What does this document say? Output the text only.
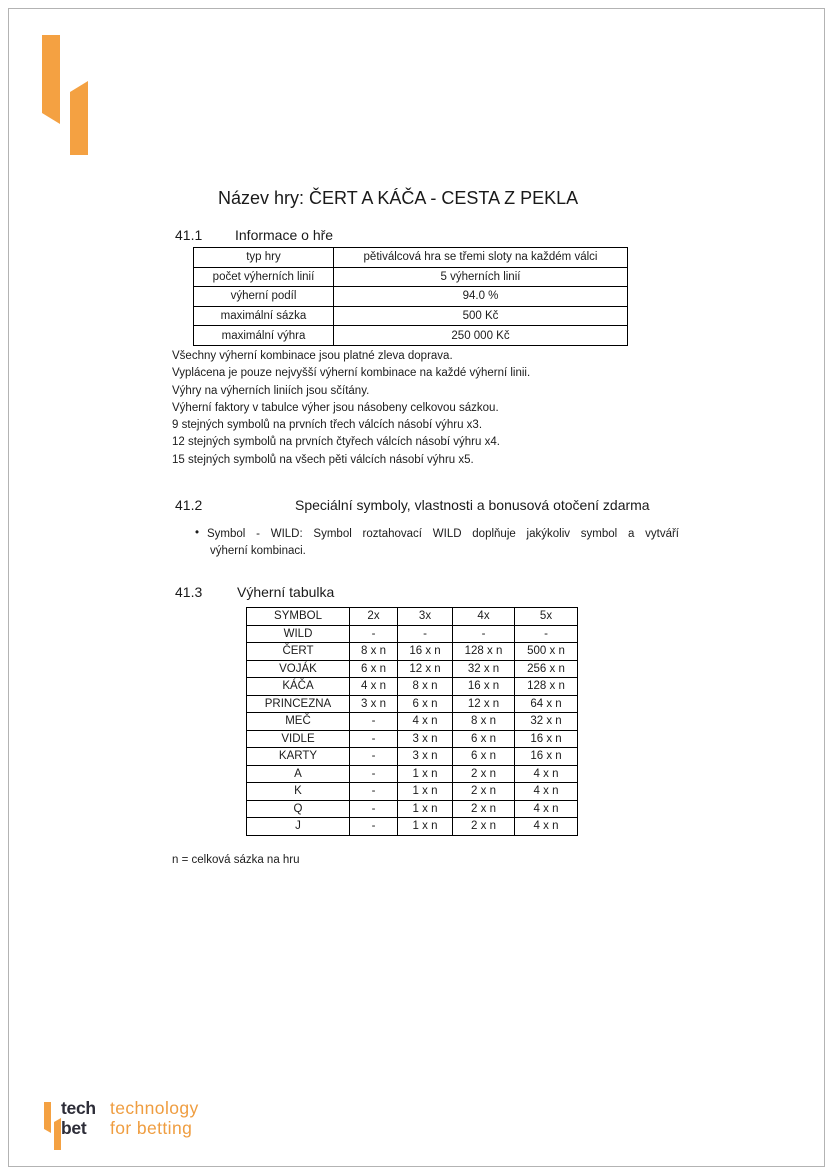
Název hry: ČERT A KÁČA - CESTA Z PEKLA
41.1 Informace o hře
typ hry	pětiválcová hra se třemi sloty na každém válci
počet výherních linií	5 výherních linií
výherní podíl	94.0 %
maximální sázka	500 Kč
maximální výhra	250 000 Kč
Všechny výherní kombinace jsou platné zleva doprava.
Vyplácena je pouze nejvyšší výherní kombinace na každé výherní linii.
Výhry na výherních liniích jsou sčítány.
Výherní faktory v tabulce výher jsou násobeny celkovou sázkou.
9 stejných symbolů na prvních třech válcích násobí výhru x3.
12 stejných symbolů na prvních čtyřech válcích násobí výhru x4.
15 stejných symbolů na všech pěti válcích násobí výhru x5.
41.2	Speciální symboly, vlastnosti a bonusová otočení zdarma
• Symbol - WILD: Symbol roztahovací WILD doplňuje jakýkoliv symbol a vytváří
výherní kombinaci.
41.3 Výherní tabulka
SYMBOL	2x	3x	4x	5x
WILD	-	-	-	-
ČERT	8 x n	16 x n	128 x n	500 x n
VOJÁK	6 x n	12 x n	32 x n	256 x n
KÁČA	4 x n	8 x n	16 x n	128 x n
PRINCEZNA	3 x n	6 x n	12 x n	64 x n
MEČ	-	4 x n	8 x n	32 x n
VIDLE	-	3 x n	6 x n	16 x n
KARTY	-	3 x n	6 x n	16 x n
A	-	1 x n	2 x n	4 x n
K	-	1 x n	2 x n	4 x n
Q	-	1 x n	2 x n	4 x n
J	-	1 x n	2 x n	4 x n
n = celková sázka na hru
tech technology
bet	for betting
